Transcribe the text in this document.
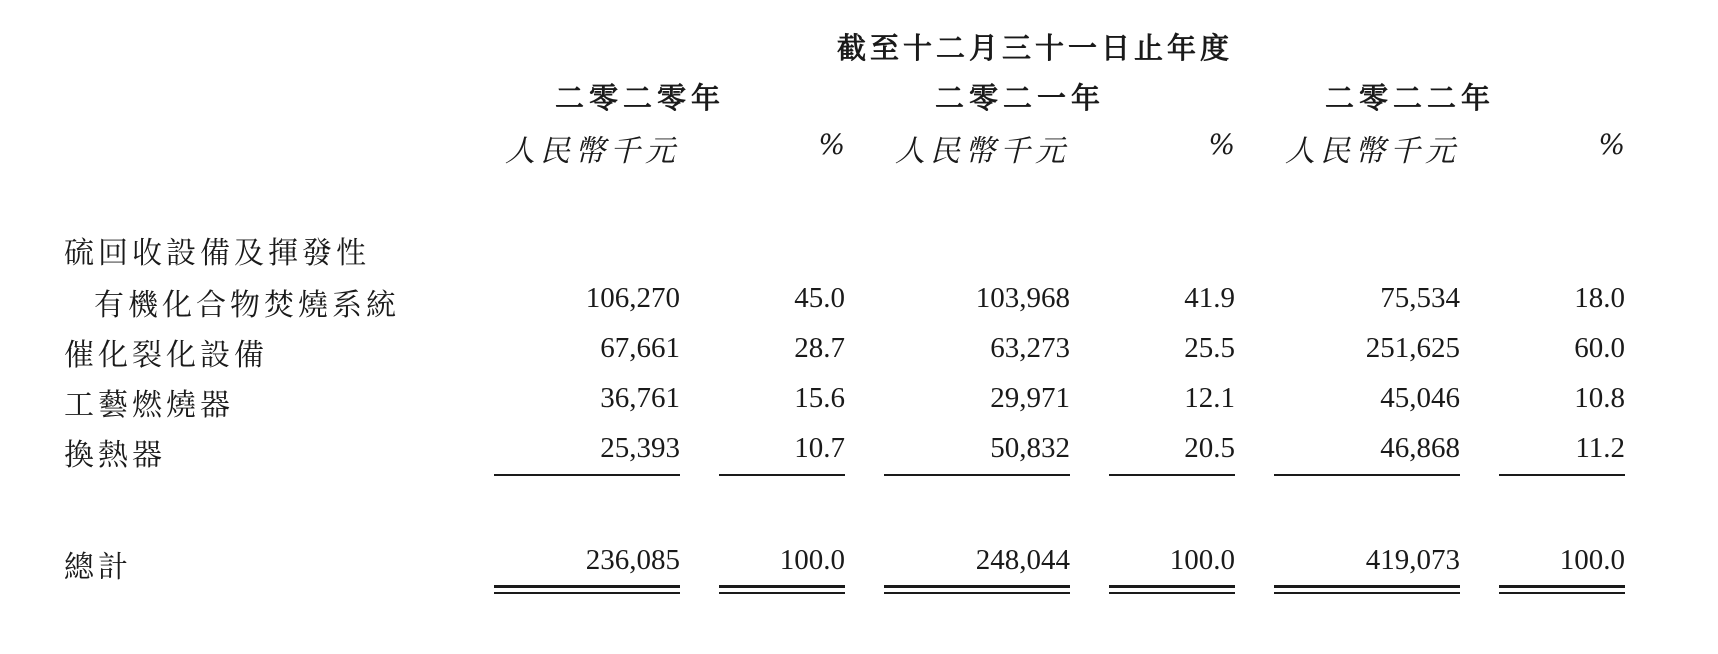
截至十二月三十一日止年度
二零二零年	二零二一年	二零二二年
人民幣千元	%	人民幣千元	%	人民幣千元	%
硫回收設備及揮發性
有機化合物焚燒系統	106,270	45.0	103,968	41.9	75,534	18.0
催化裂化設備	67,661	28.7	63,273	25.5	251,625	60.0
工藝燃燒器	36,761	15.6	29,971	12.1	45,046	10.8
換熱器	25,393	10.7	50,832	20.5	46,868	11.2
總計	236,085	100.0	248,044	100.0	419,073	100.0
